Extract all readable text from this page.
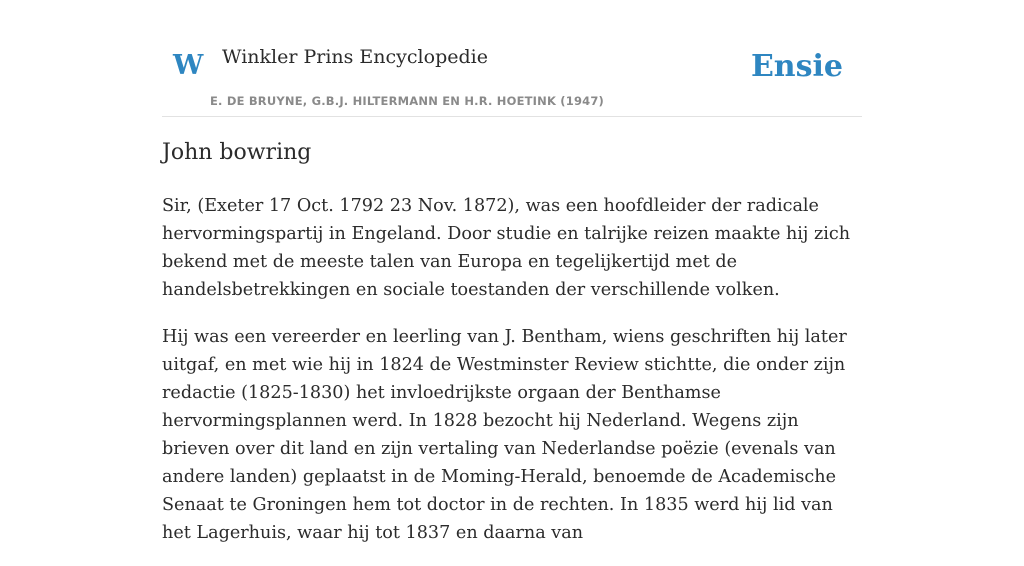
W Winkler Prins Encyclopedie
E. DE BRUYNE, G.B.J. HILTERMANN EN H.R. HOETINK (1947)
Ensie
John bowring

Sir, (Exeter 17 Oct. 1792 23 Nov. 1872), was een hoofdleider der radicale hervormingspartij in Engeland. Door studie en talrijke reizen maakte hij zich bekend met de meeste talen van Europa en tegelijkertijd met de handelsbetrekkingen en sociale toestanden der verschillende volken.

Hij was een vereerder en leerling van J. Bentham, wiens geschriften hij later uitgaf, en met wie hij in 1824 de Westminster Review stichtte, die onder zijn redactie (1825-1830) het invloedrijkste orgaan der Benthamse hervormingsplannen werd. In 1828 bezocht hij Nederland. Wegens zijn brieven over dit land en zijn vertaling van Nederlandse poëzie (evenals van andere landen) geplaatst in de Moming-Herald, benoemde de Academische Senaat te Groningen hem tot doctor in de rechten. In 1835 werd hij lid van het Lagerhuis, waar hij tot 1837 en daarna van
